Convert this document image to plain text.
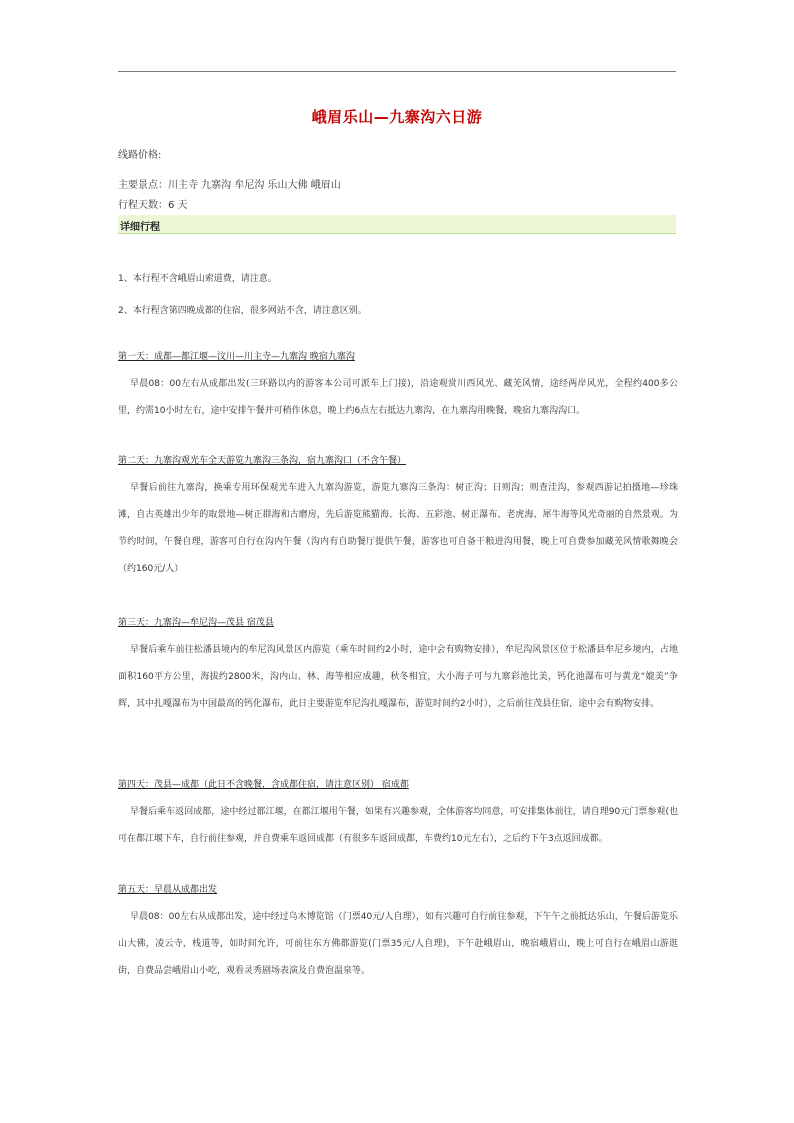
峨眉乐山—九寨沟六日游
线路价格:
主要景点：川主寺 九寨沟 牟尼沟 乐山大佛 峨眉山
行程天数：6 天
详细行程
1、本行程不含峨眉山索道费，请注意。
2、本行程含第四晚成都的住宿，很多网站不含，请注意区别。
第一天：成都—都江堰—汶川—川主寺—九寨沟 晚宿九寨沟
早晨08：00左右从成都出发(三环路以内的游客本公司可派车上门接)，沿途观赏川西风光、藏羌风情，途经两岸风光，全程约400多公里，约需10小时左右，途中安排午餐并可稍作休息，晚上约6点左右抵达九寨沟，在九寨沟用晚餐，晚宿九寨沟沟口。
第二天：九寨沟观光车全天游览九寨沟三条沟，宿九寨沟口（不含午餐）
早餐后前往九寨沟，换乘专用环保观光车进入九寨沟游览，游览九寨沟三条沟：树正沟；日则沟；则查洼沟，参观西游记拍摄地—珍珠滩，自古英雄出少年的取景地—树正群海和古磨房，先后游览熊猫海、长海、五彩池、树正瀑布、老虎海、犀牛海等风光奇丽的自然景观。为节约时间，午餐自理，游客可自行在沟内午餐（沟内有自助餐厅提供午餐，游客也可自备干粮进沟用餐，晚上可自费参加藏羌风情歌舞晚会（约160元/人）
第三天：九寨沟—牟尼沟—茂县 宿茂县
早餐后乘车前往松潘县境内的牟尼沟风景区内游览（乘车时间约2小时，途中会有购物安排），牟尼沟风景区位于松潘县牟尼乡境内，占地面积160平方公里，海拔约2800米，沟内山、林、海等相应成趣，秋冬相宜，大小海子可与九寨彩池比美，钙化池瀑布可与黄龙“媲美”争辉，其中扎嘎瀑布为中国最高的钙化瀑布，此日主要游览牟尼沟扎嘎瀑布，游览时间约2小时），之后前往茂县住宿，途中会有购物安排。
第四天：茂县—成都（此日不含晚餐，含成都住宿，请注意区别） 宿成都
早餐后乘车返回成都，途中经过都江堰，在都江堰用午餐，如果有兴趣参观，全体游客均同意，可安排集体前往，请自理90元门票参观(也可在都江堰下车，自行前往参观，并自费乘车返回成都（有很多车返回成都，车费约10元左右），之后约下午3点返回成都。
第五天：早晨从成都出发
早晨08：00左右从成都出发，途中经过乌木博览馆（门票40元/人自理），如有兴趣可自行前往参观，下午午之前抵达乐山，午餐后游览乐山大佛，凌云寺，栈道等，如时间允许，可前往东方佛都游览(门票35元/人自理)，下午赴峨眉山，晚宿峨眉山，晚上可自行在峨眉山游逛街，自费品尝峨眉山小吃，观看灵秀剧场表演及自费泡温泉等。
